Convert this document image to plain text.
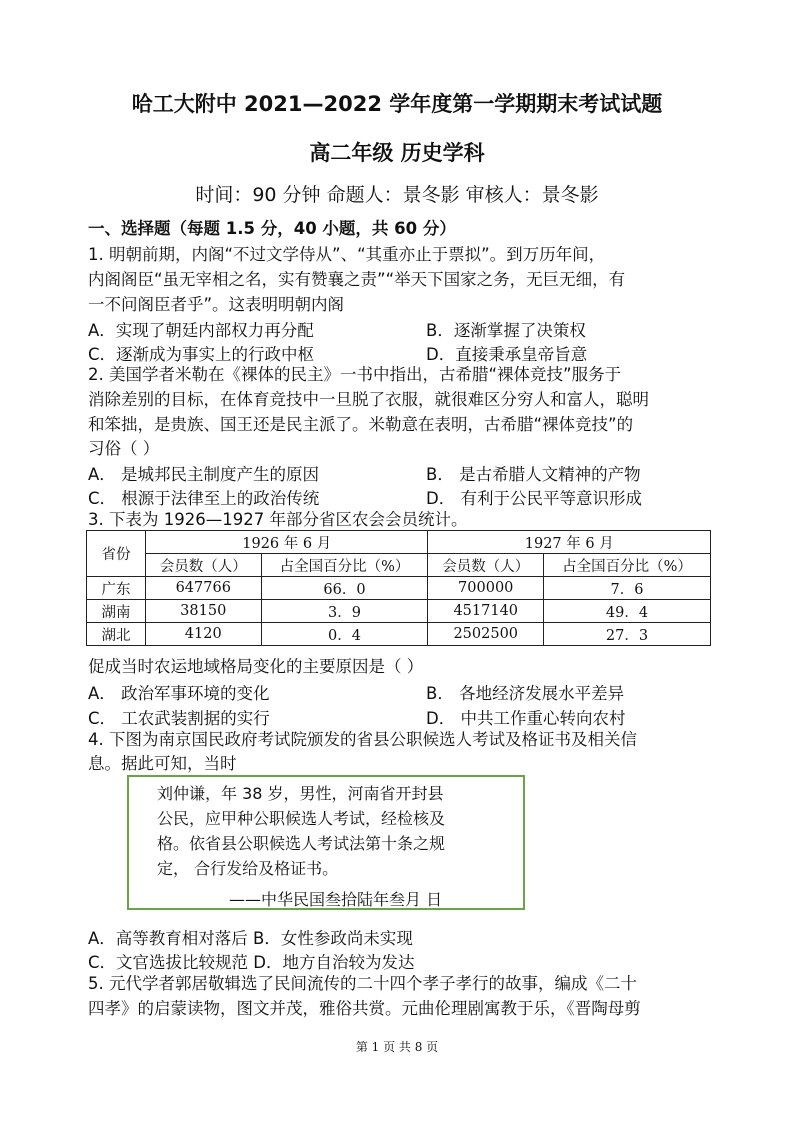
哈工大附中 2021—2022 学年度第一学期期末考试试题
高二年级 历史学科
时间：90 分钟 命题人：景冬影 审核人：景冬影
一、选择题（每题 1.5 分，40 小题，共 60 分）
1. 明朝前期，内阁“不过文学侍从”、“其重亦止于票拟”。到万历年间，
内阁阁臣“虽无宰相之名，实有赞襄之责”“举天下国家之务，无巨无细，有
一不问阁臣者乎”。这表明明朝内阁
A．实现了朝廷内部权力再分配	B．逐渐掌握了决策权
C．逐渐成为事实上的行政中枢	D．直接秉承皇帝旨意
2. 美国学者米勒在《裸体的民主》一书中指出，古希腊“裸体竞技”服务于
消除差别的目标，在体育竞技中一旦脱了衣服，就很难区分穷人和富人，聪明
和笨拙，是贵族、国王还是民主派了。米勒意在表明，古希腊“裸体竞技”的
习俗（ ）
A． 是城邦民主制度产生的原因	B． 是古希腊人文精神的产物
C． 根源于法律至上的政治传统	D． 有利于公民平等意识形成
3. 下表为 1926—1927 年部分省区农会会员统计。
省份	1926 年 6 月		1927 年 6 月	
	会员数（人）	占全国百分比（%）	会员数（人）	占全国百分比（%）
广东	647766	66．0	700000	7．6
湖南	38150	3．9	4517140	49．4
湖北	4120	0．4	2502500	27．3
促成当时农运地域格局变化的主要原因是（ ）
A． 政治军事环境的变化	B． 各地经济发展水平差异
C． 工农武装割据的实行	D． 中共工作重心转向农村
4. 下图为南京国民政府考试院颁发的省县公职候选人考试及格证书及相关信
息。据此可知，当时
刘仲谦，年 38 岁，男性，河南省开封县
公民，应甲种公职候选人考试，经检核及
格。依省县公职候选人考试法第十条之规
定， 合行发给及格证书。
——中华民国叁拾陆年叁月 日
A．高等教育相对落后 B．女性参政尚未实现
C．文官选拔比较规范 D．地方自治较为发达
5. 元代学者郭居敬辑选了民间流传的二十四个孝子孝行的故事，编成《二十
四孝》的启蒙读物，图文并茂，雅俗共赏。元曲伦理剧寓教于乐，《晋陶母剪
第 1 页 共 8 页
